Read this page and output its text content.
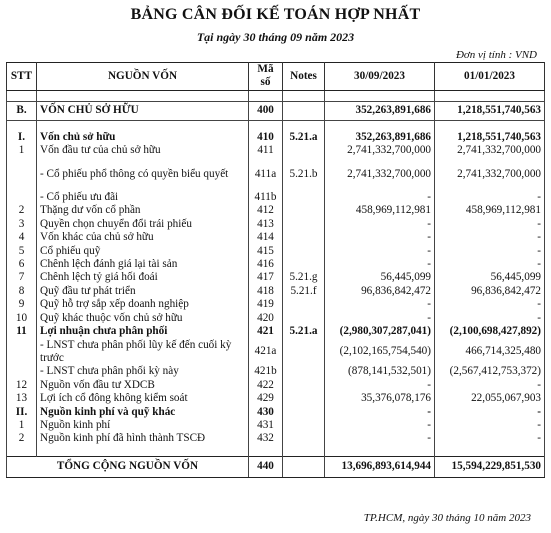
BẢNG CÂN ĐỐI KẾ TOÁN HỢP NHẤT
Tại ngày 30 tháng 09 năm 2023
Đơn vị tính : VND
STT	NGUỒN VỐN	Mã số	Notes	30/09/2023	01/01/2023

B.	VỐN CHỦ SỞ HỮU	400		352,263,891,686	1,218,551,740,563

I.	Vốn chủ sở hữu	410	5.21.a	352,263,891,686	1,218,551,740,563
1	Vốn đầu tư của chủ sở hữu	411		2,741,332,700,000	2,741,332,700,000

	- Cổ phiếu phổ thông có quyền biểu quyết	411a	5.21.b	2,741,332,700,000	2,741,332,700,000

	- Cổ phiếu ưu đãi	411b		-	-
2	Thặng dư vốn cổ phần	412		458,969,112,981	458,969,112,981
3	Quyền chọn chuyển đổi trái phiếu	413		-	-
4	Vốn khác của chủ sở hữu	414		-	-
5	Cổ phiếu quỹ	415		-	-
6	Chênh lệch đánh giá lại tài sản	416		-	-
7	Chênh lệch tỷ giá hối đoái	417	5.21.g	56,445,099	56,445,099
8	Quỹ đầu tư phát triển	418	5.21.f	96,836,842,472	96,836,842,472
9	Quỹ hỗ trợ sắp xếp doanh nghiệp	419		-	-
10	Quỹ khác thuộc vốn chủ sở hữu	420		-	-
11	Lợi nhuận chưa phân phối	421	5.21.a	(2,980,307,287,041)	(2,100,698,427,892)
	- LNST chưa phân phối lũy kế đến cuối kỳ trước	421a		(2,102,165,754,540)	466,714,325,480
	- LNST chưa phân phối kỳ này	421b		(878,141,532,501)	(2,567,412,753,372)
12	Nguồn vốn đầu tư XDCB	422		-	-
13	Lợi ích cổ đông không kiểm soát	429		35,376,078,176	22,055,067,903
II.	Nguồn kinh phí và quỹ khác	430		-	-
1	Nguồn kinh phí	431		-	-
2	Nguồn kinh phí đã hình thành TSCĐ	432		-	-

TỔNG CỘNG NGUỒN VỐN		440		13,696,893,614,944	15,594,229,851,530
TP.HCM, ngày 30 tháng 10 năm 2023
